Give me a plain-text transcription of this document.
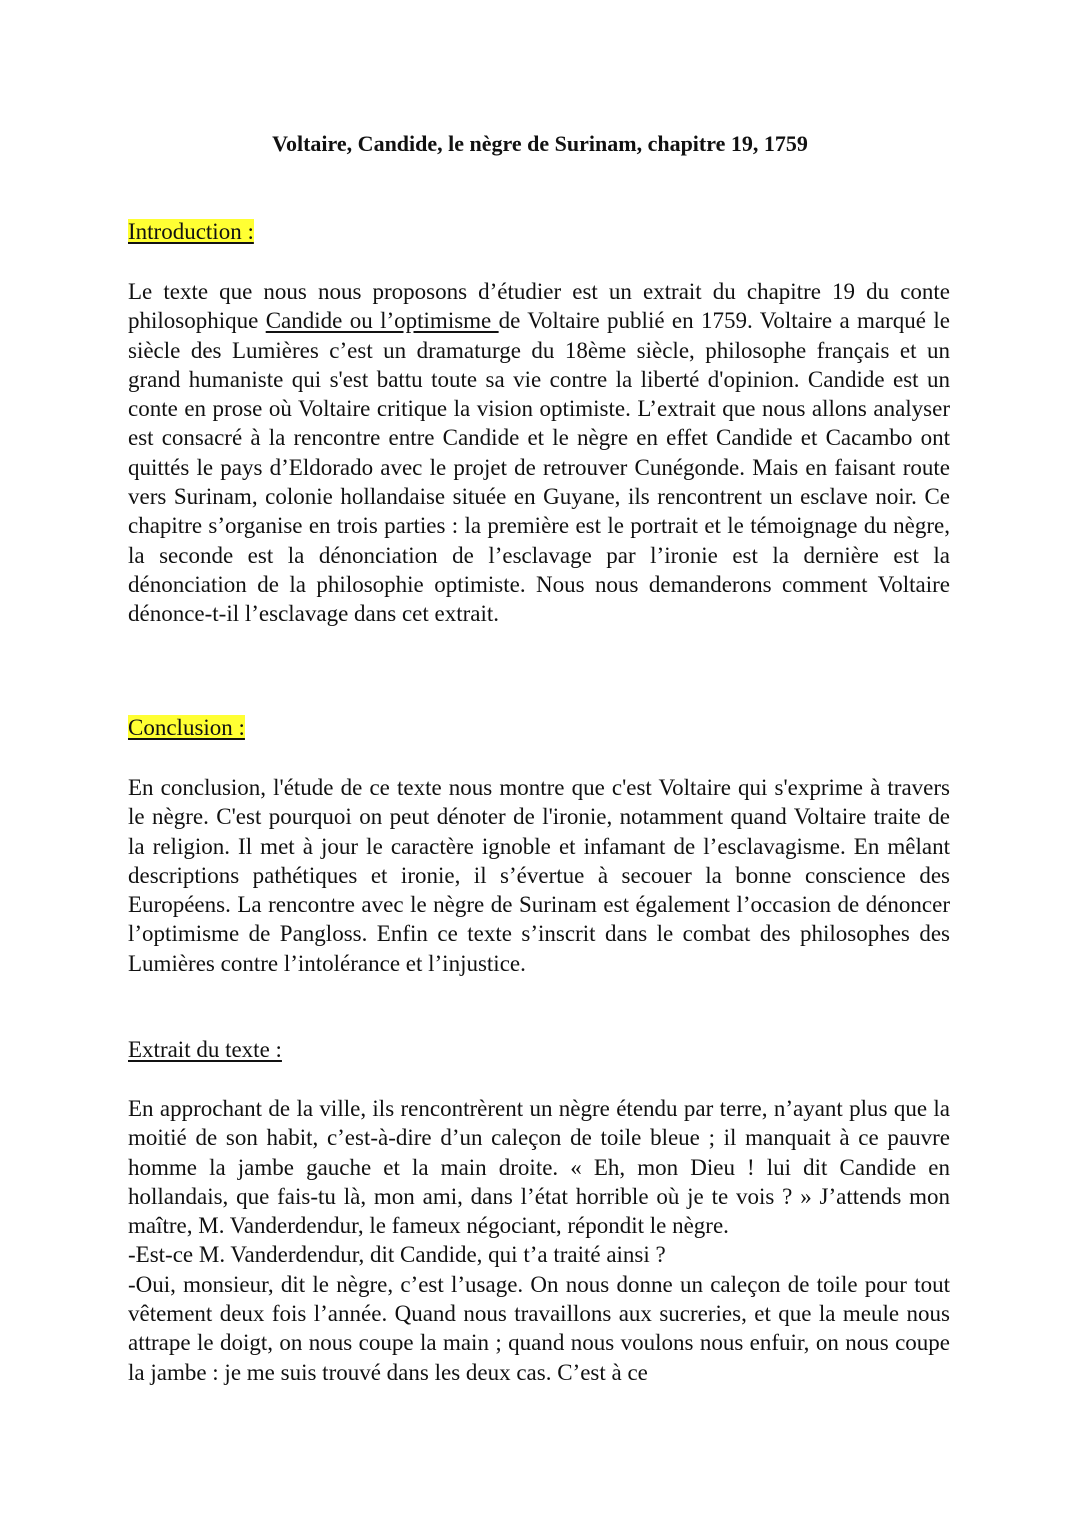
Voltaire, Candide, le nègre de Surinam, chapitre 19, 1759

Introduction :

Le texte que nous nous proposons d’étudier est un extrait du chapitre 19 du conte philosophique Candide ou l’optimisme de Voltaire publié en 1759. Voltaire a marqué le siècle des Lumières c’est un dramaturge du 18ème siècle, philosophe français et un grand humaniste qui s'est battu toute sa vie contre la liberté d'opinion. Candide est un conte en prose où Voltaire critique la vision optimiste. L’extrait que nous allons analyser est consacré à la rencontre entre Candide et le nègre en effet Candide et Cacambo ont quittés le pays d’Eldorado avec le projet de retrouver Cunégonde. Mais en faisant route vers Surinam, colonie hollandaise située en Guyane, ils rencontrent un esclave noir. Ce chapitre s’organise en trois parties : la première est le portrait et le témoignage du nègre, la seconde est la dénonciation de l’esclavage par l’ironie est la dernière est la dénonciation de la philosophie optimiste. Nous nous demanderons comment Voltaire dénonce-t-il l’esclavage dans cet extrait.

Conclusion :

En conclusion, l'étude de ce texte nous montre que c'est Voltaire qui s'exprime à travers le nègre. C'est pourquoi on peut dénoter de l'ironie, notamment quand Voltaire traite de la religion. Il met à jour le caractère ignoble et infamant de l’esclavagisme. En mêlant descriptions pathétiques et ironie, il s’évertue à secouer la bonne conscience des Européens. La rencontre avec le nègre de Surinam est également l’occasion de dénoncer l’optimisme de Pangloss. Enfin ce texte s’inscrit dans le combat des philosophes des Lumières contre l’intolérance et l’injustice.

Extrait du texte :

En approchant de la ville, ils rencontrèrent un nègre étendu par terre, n’ayant plus que la moitié de son habit, c’est-à-dire d’un caleçon de toile bleue ; il manquait à ce pauvre homme la jambe gauche et la main droite. « Eh, mon Dieu ! lui dit Candide en hollandais, que fais-tu là, mon ami, dans l’état horrible où je te vois ? » J’attends mon maître, M. Vanderdendur, le fameux négociant, répondit le nègre.
-Est-ce M. Vanderdendur, dit Candide, qui t’a traité ainsi ?
-Oui, monsieur, dit le nègre, c’est l’usage. On nous donne un caleçon de toile pour tout vêtement deux fois l’année. Quand nous travaillons aux sucreries, et que la meule nous attrape le doigt, on nous coupe la main ; quand nous voulons nous enfuir, on nous coupe la jambe : je me suis trouvé dans les deux cas. C’est à ce
